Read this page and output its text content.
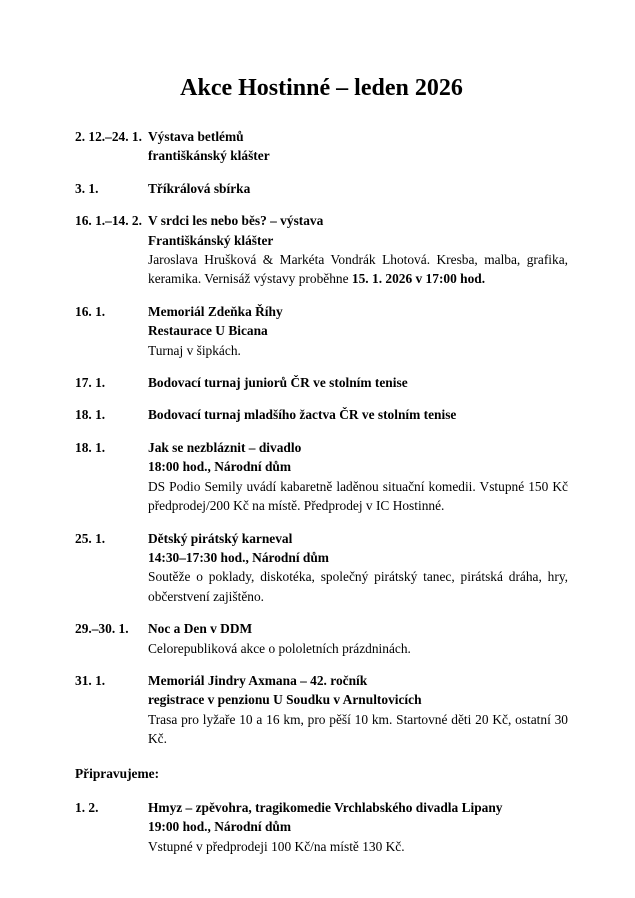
Akce Hostinné – leden 2026
2. 12.–24. 1. Výstava betlémů
františkánský klášter
3. 1.	Tříkrálová sbírka
16. 1.–14. 2. V srdci les nebo běs? – výstava
Františkánský klášter
Jaroslava Hrušková & Markéta Vondrák Lhotová. Kresba, malba, grafika, keramika. Vernisáž výstavy proběhne 15. 1. 2026 v 17:00 hod.
16. 1.	Memoriál Zdeňka Říhy
Restaurace U Bicana
Turnaj v šipkách.
17. 1.	Bodovací turnaj juniorů ČR ve stolním tenise
18. 1.	Bodovací turnaj mladšího žactva ČR ve stolním tenise
18. 1.	Jak se nezbláznit – divadlo
18:00 hod., Národní dům
DS Podio Semily uvádí kabaretně laděnou situační komedii. Vstupné 150 Kč předprodej/200 Kč na místě. Předprodej v IC Hostinné.
25. 1.	Dětský pirátský karneval
14:30–17:30 hod., Národní dům
Soutěže o poklady, diskotéka, společný pirátský tanec, pirátská dráha, hry, občerstvení zajištěno.
29.–30. 1.	Noc a Den v DDM
Celorepubliková akce o pololetních prázdninách.
31. 1.	Memoriál Jindry Axmana – 42. ročník
registrace v penzionu U Soudku v Arnultovicích
Trasa pro lyžaře 10 a 16 km, pro pěší 10 km. Startovné děti 20 Kč, ostatní 30 Kč.
Připravujeme:
1. 2.	Hmyz – zpěvohra, tragikomedie Vrchlabského divadla Lipany
19:00 hod., Národní dům
Vstupné v předprodeji 100 Kč/na místě 130 Kč.
